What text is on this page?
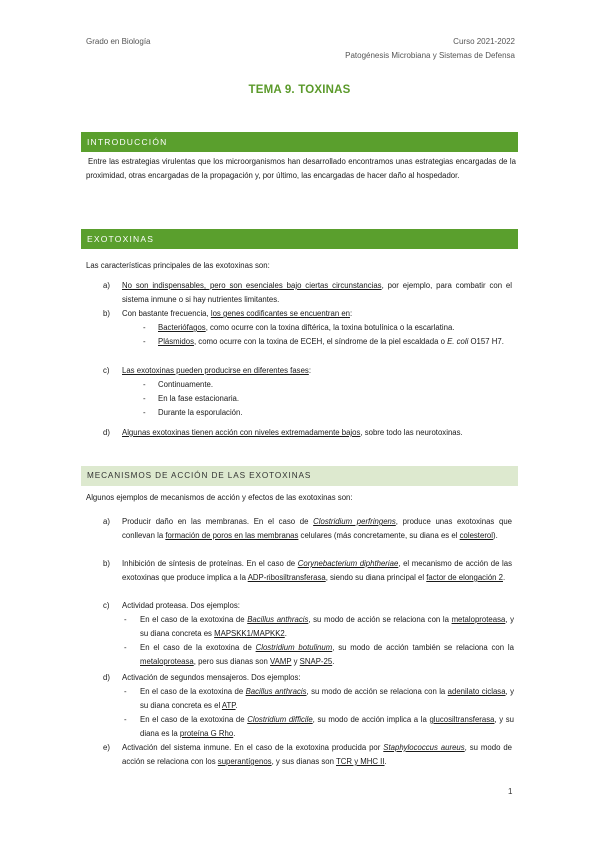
Grado en Biología	Curso 2021-2022
Patogénesis Microbiana y Sistemas de Defensa
TEMA 9. TOXINAS
INTRODUCCIÓN
Entre las estrategias virulentas que los microorganismos han desarrollado encontramos unas estrategias encargadas de la proximidad, otras encargadas de la propagación y, por último, las encargadas de hacer daño al hospedador.
EXOTOXINAS
Las características principales de las exotoxinas son:
a)	No son indispensables, pero son esenciales bajo ciertas circunstancias, por ejemplo, para combatir con el sistema inmune o si hay nutrientes limitantes.
b)	Con bastante frecuencia, los genes codificantes se encuentran en:
- Bacteriófagos, como ocurre con la toxina diftérica, la toxina botulínica o la escarlatina.
- Plásmidos, como ocurre con la toxina de ECEH, el síndrome de la piel escaldada o E. coli O157 H7.
c)	Las exotoxinas pueden producirse en diferentes fases:
- Continuamente.
- En la fase estacionaria.
- Durante la esporulación.
d)	Algunas exotoxinas tienen acción con niveles extremadamente bajos, sobre todo las neurotoxinas.
MECANISMOS DE ACCIÓN DE LAS EXOTOXINAS
Algunos ejemplos de mecanismos de acción y efectos de las exotoxinas son:
a)	Producir daño en las membranas. En el caso de Clostridium perfringens, produce unas exotoxinas que conllevan la formación de poros en las membranas celulares (más concretamente, su diana es el colesterol).
b)	Inhibición de síntesis de proteínas. En el caso de Corynebacterium diphtheriae, el mecanismo de acción de las exotoxinas que produce implica a la ADP-ribosiltransferasa, siendo su diana principal el factor de elongación 2.
c)	Actividad proteasa. Dos ejemplos:
- En el caso de la exotoxina de Bacillus anthracis, su modo de acción se relaciona con la metaloproteasa, y su diana concreta es MAPSKK1/MAPKK2.
- En el caso de la exotoxina de Clostridium botulinum, su modo de acción también se relaciona con la metaloproteasa, pero sus dianas son VAMP y SNAP-25.
d)	Activación de segundos mensajeros. Dos ejemplos:
- En el caso de la exotoxina de Bacillus anthracis, su modo de acción se relaciona con la adenilato ciclasa, y su diana concreta es el ATP.
- En el caso de la exotoxina de Clostridium difficile, su modo de acción implica a la glucosiltransferasa, y su diana es la proteína G Rho.
e)	Activación del sistema inmune. En el caso de la exotoxina producida por Staphylococcus aureus, su modo de acción se relaciona con los superantígenos, y sus dianas son TCR y MHC II.
1
